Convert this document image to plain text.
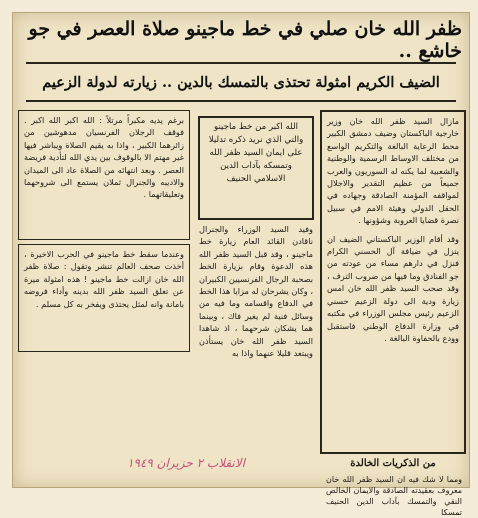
ظفر الله خان صلي في خط ماجينو صلاة العصر في جو خاشع ..
الضيف الكريم امثولة تحتذى بالتمسك بالدين .. زيارته لدولة الزعيم

مازال السيد ظفر الله خان وزير خارجية الباكستان وضيف دمشق الكبير محط الرعاية البالغة والتكريم الواسع من مختلف الاوساط الرسمية والوطنية والشعبية لما يكنه له السوريون والعرب جميعاً من عظيم التقدير والاجلال لمواقفه المؤمنة الصادقة وجهاده في الحقل الدولي وهيئة الامم في سبيل نصرة قضايا العروبة وشؤونها .

وقد أقام الوزير الباكستاني الضيف ان ينزل في ضيافة آل الحسني الكرام فنزل في دارهم مساء من عودته من جو الفنادق وما فيها من ضروب الترف ، وقد صحب السيد ظفر الله خان امس زيارة ودية الى دولة الزعيم حسني الزعيم رئيس مجلس الوزراء في مكتبه في وزارة الدفاع الوطني فاستقبل وودع بالحفاوة البالغة .

وفيد السيد الوزراء والجنرال ناقادن القائد العام زيارة خط ماجينو ، وقد قبل السيد ظفر الله هذه الدعوة وقام بزيارة الخط بصحبة الرجال الفرنسيين الكبيران ، وكان يشرحان له مزايا هذا الخط في الدفاع واقسامه وما فيه من وسائل فنية لم يغير فاك ، وبينما هما يشكان شرحهما ، اذ شاهدا السيد ظفر الله خان يستأذن ويبتعد قليلا عنهما واذا به

الله اكبر من خط ماجينو والتي الذي نريد ذكره تدليلا على ايمان السيد ظفر الله وتمسكه بآداب الدين الاسلامي الحنيف

برغم يديه مكبراً مرتلاً : الله اكبر الله اكبر . فوقف الرجلان الفرنسيان مدهوشين من زائرهما الكبير ، واذا به يقيم الصلاة ويباشر فيها غير مهتم الا بالوقوف بين يدي الله لتأدية فريضة العصر . وبعد انتهائه من الصلاة عاد الى الميدان والاديبه والجنرال ثملان يستمع الى شروحهما وتعليقاتهما .

وعندما سقط خط ماجينو في الحرب الاخيرة ، أخذت صحف العالم تنشر وتقول : صلاة ظفر الله خان ازالت خط ماجينو ! هذه امثولة ميرة عن تعلق السيد ظفر الله بدينه وأداء فروضه بامانة وانه لمثل يحتذى ويفخر به كل مسلم .

من الذكريات الخالدة
ومما لا شك فيه ان السيد ظفر الله خان معروف بعقيدته الصادقة والايمان الخالص النقي والتمسك بآداب الدين الحنيف تمسكا
الانقلاب ٢ حزيران ١٩٤٩
